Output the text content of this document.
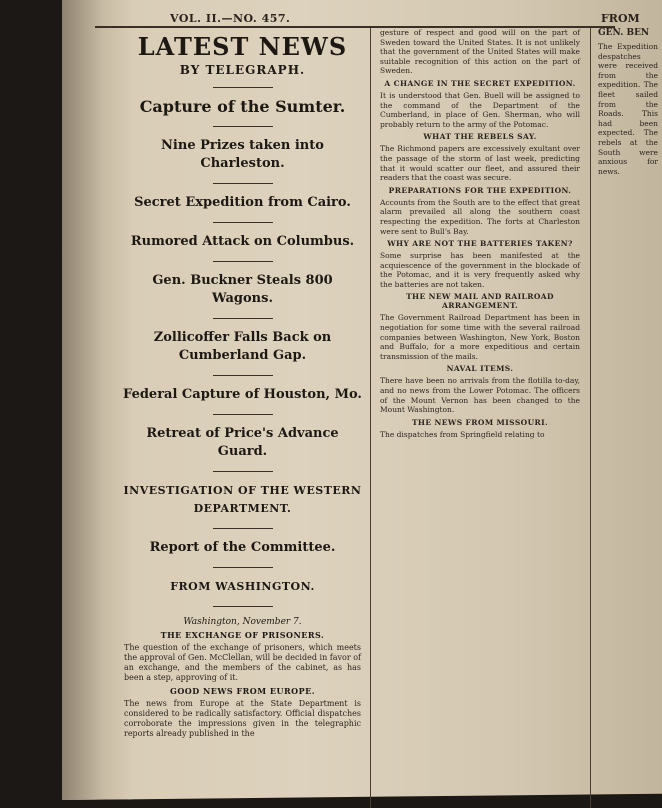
VOL. II.—NO. 457.	FROM
LATEST NEWS
BY TELEGRAPH.
Capture of the Sumter.
Nine Prizes taken into Charleston.
Secret Expedition from Cairo.
Rumored Attack on Columbus.
Gen. Buckner Steals 800 Wagons.
Zollicoffer Falls Back on Cumberland Gap.
Federal Capture of Houston, Mo.
Retreat of Price's Advance Guard.
INVESTIGATION OF THE WESTERN DEPARTMENT.
Report of the Committee.
FROM WASHINGTON.
Washington, November 7.
THE EXCHANGE OF PRISONERS.
The question of the exchange of prisoners, which meets the approval of Gen. McClellan, will be decided in favor of an exchange, and the members of the cabinet, as has been a step, approving of it.
GOOD NEWS FROM EUROPE.
The news from Europe at the State Department is considered to be radically satisfactory. Official dispatches corroborate the impressions given in the telegraphic reports already published in the
gesture of respect and good will on the part of Sweden toward the United States. It is not unlikely that the government of the United States will make suitable recognition of this action on the part of Sweden.
A CHANGE IN THE SECRET EXPEDITION.
It is understood that Gen. Buell will be assigned to the command of the Department of the Cumberland, in place of Gen. Sherman, who will probably return to the army of the Potomac.
WHAT THE REBELS SAY.
The Richmond papers are excessively exultant over the passage of the storm of last week, predicting that it would scatter our fleet, and assured their readers that the coast was secure.
PREPARATIONS FOR THE EXPEDITION.
Accounts from the South are to the effect that great alarm prevailed all along the southern coast respecting the expedition. The forts at Charleston were sent to Bull's Bay.
WHY ARE NOT THE BATTERIES TAKEN?
Some surprise has been manifested at the acquiescence of the government in the blockade of the Potomac, and it is very frequently asked why the batteries are not taken.
THE NEW MAIL AND RAILROAD ARRANGEMENT.
The Government Railroad Department has been in negotiation for some time with the several railroad companies between Washington, New York, Boston and Buffalo, for a more expeditious and certain transmission of the mails.
NAVAL ITEMS.
There have been no arrivals from the flotilla to-day, and no news from the Lower Potomac. The officers of the Mount Vernon has been changed to the Mount Washington.
THE NEWS FROM MISSOURI.
The dispatches from Springfield relating to
GEN. BEN
The Expedition despatches were received from the expedition. The fleet sailed from the Roads. This had been expected. The rebels at the South were anxious for news.
